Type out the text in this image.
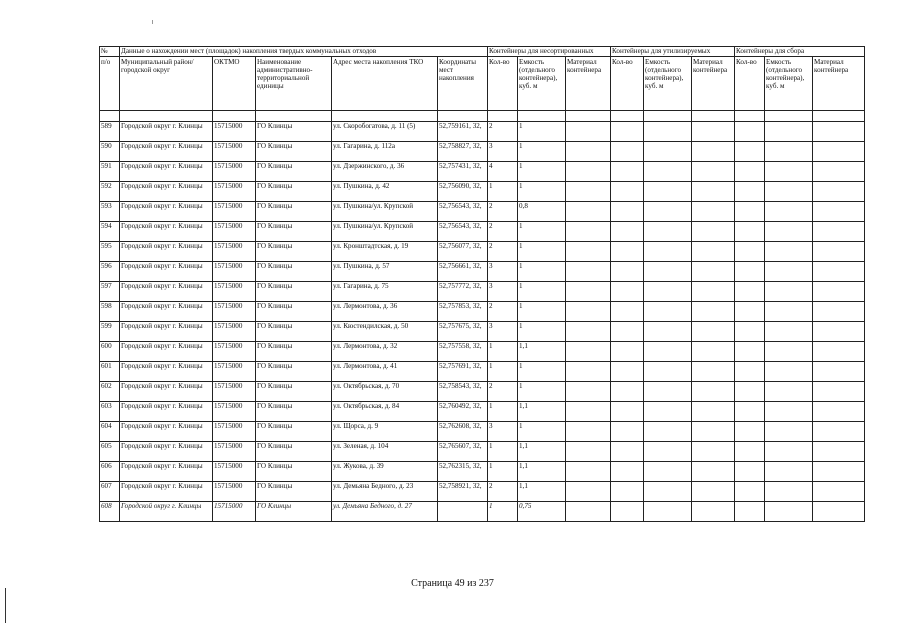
№	Данные о нахождении мест (площадок) накопления твердых коммунальных отходов					Контейнеры для несортированных			Контейнеры для утилизируемых			Контейнеры для сбора		
п/о	Муниципальный район/городской округ	ОКТМО	Наименование административно-территориальной единицы	Адрес места накопления ТКО	Координаты мест накопления	Кол-во	Емкость (отдельного контейнера), куб. м	Материал контейнера	Кол-во	Емкость (отдельного контейнера), куб. м	Материал контейнера	Кол-во	Емкость (отдельного контейнера), куб. м	Материал контейнера

589	Городской округ г. Клинцы	15715000	ГО Клинцы	ул. Скоробогатова, д. 11 (5)	52,759161, 32,	2	1							
590	Городской округ г. Клинцы	15715000	ГО Клинцы	ул. Гагарина, д. 112а	52,758827, 32,	3	1							
591	Городской округ г. Клинцы	15715000	ГО Клинцы	ул. Дзержинского, д. 36	52,757431, 32,	4	1							
592	Городской округ г. Клинцы	15715000	ГО Клинцы	ул. Пушкина, д. 42	52,756090, 32,	1	1							
593	Городской округ г. Клинцы	15715000	ГО Клинцы	ул. Пушкина/ул. Крупской	52,756543, 32,	2	0,8							
594	Городской округ г. Клинцы	15715000	ГО Клинцы	ул. Пушкина/ул. Крупской	52,756543, 32,	2	1							
595	Городской округ г. Клинцы	15715000	ГО Клинцы	ул. Кронштадтская, д. 19	52,756077, 32,	2	1							
596	Городской округ г. Клинцы	15715000	ГО Клинцы	ул. Пушкина, д. 57	52,756661, 32,	3	1							
597	Городской округ г. Клинцы	15715000	ГО Клинцы	ул. Гагарина, д. 75	52,757772, 32,	3	1							
598	Городской округ г. Клинцы	15715000	ГО Клинцы	ул. Лермонтова, д. 36	52,757853, 32,	2	1							
599	Городской округ г. Клинцы	15715000	ГО Клинцы	ул. Кюстендилская, д. 50	52,757675, 32,	3	1							
600	Городской округ г. Клинцы	15715000	ГО Клинцы	ул. Лермонтова, д. 32	52,757558, 32,	1	1,1							
601	Городской округ г. Клинцы	15715000	ГО Клинцы	ул. Лермонтова, д. 41	52,757691, 32,	1	1							
602	Городской округ г. Клинцы	15715000	ГО Клинцы	ул. Октябрьская, д. 70	52,758543, 32,	2	1							
603	Городской округ г. Клинцы	15715000	ГО Клинцы	ул. Октябрьская, д. 84	52,760492, 32,	1	1,1							
604	Городской округ г. Клинцы	15715000	ГО Клинцы	ул. Щорса, д. 9	52,762608, 32,	3	1							
605	Городской округ г. Клинцы	15715000	ГО Клинцы	ул. Зеленая, д. 104	52,765607, 32,	1	1,1							
606	Городской округ г. Клинцы	15715000	ГО Клинцы	ул. Жукова, д. 39	52,762315, 32,	1	1,1							
607	Городской округ г. Клинцы	15715000	ГО Клинцы	ул. Демьяна Бедного, д. 23	52,758921, 32,	2	1,1							
608	Городской округ г. Клинцы	15715000	ГО Клинцы	ул. Демьяна Бедного, д. 27		1	0,75							
Страница 49 из 237
